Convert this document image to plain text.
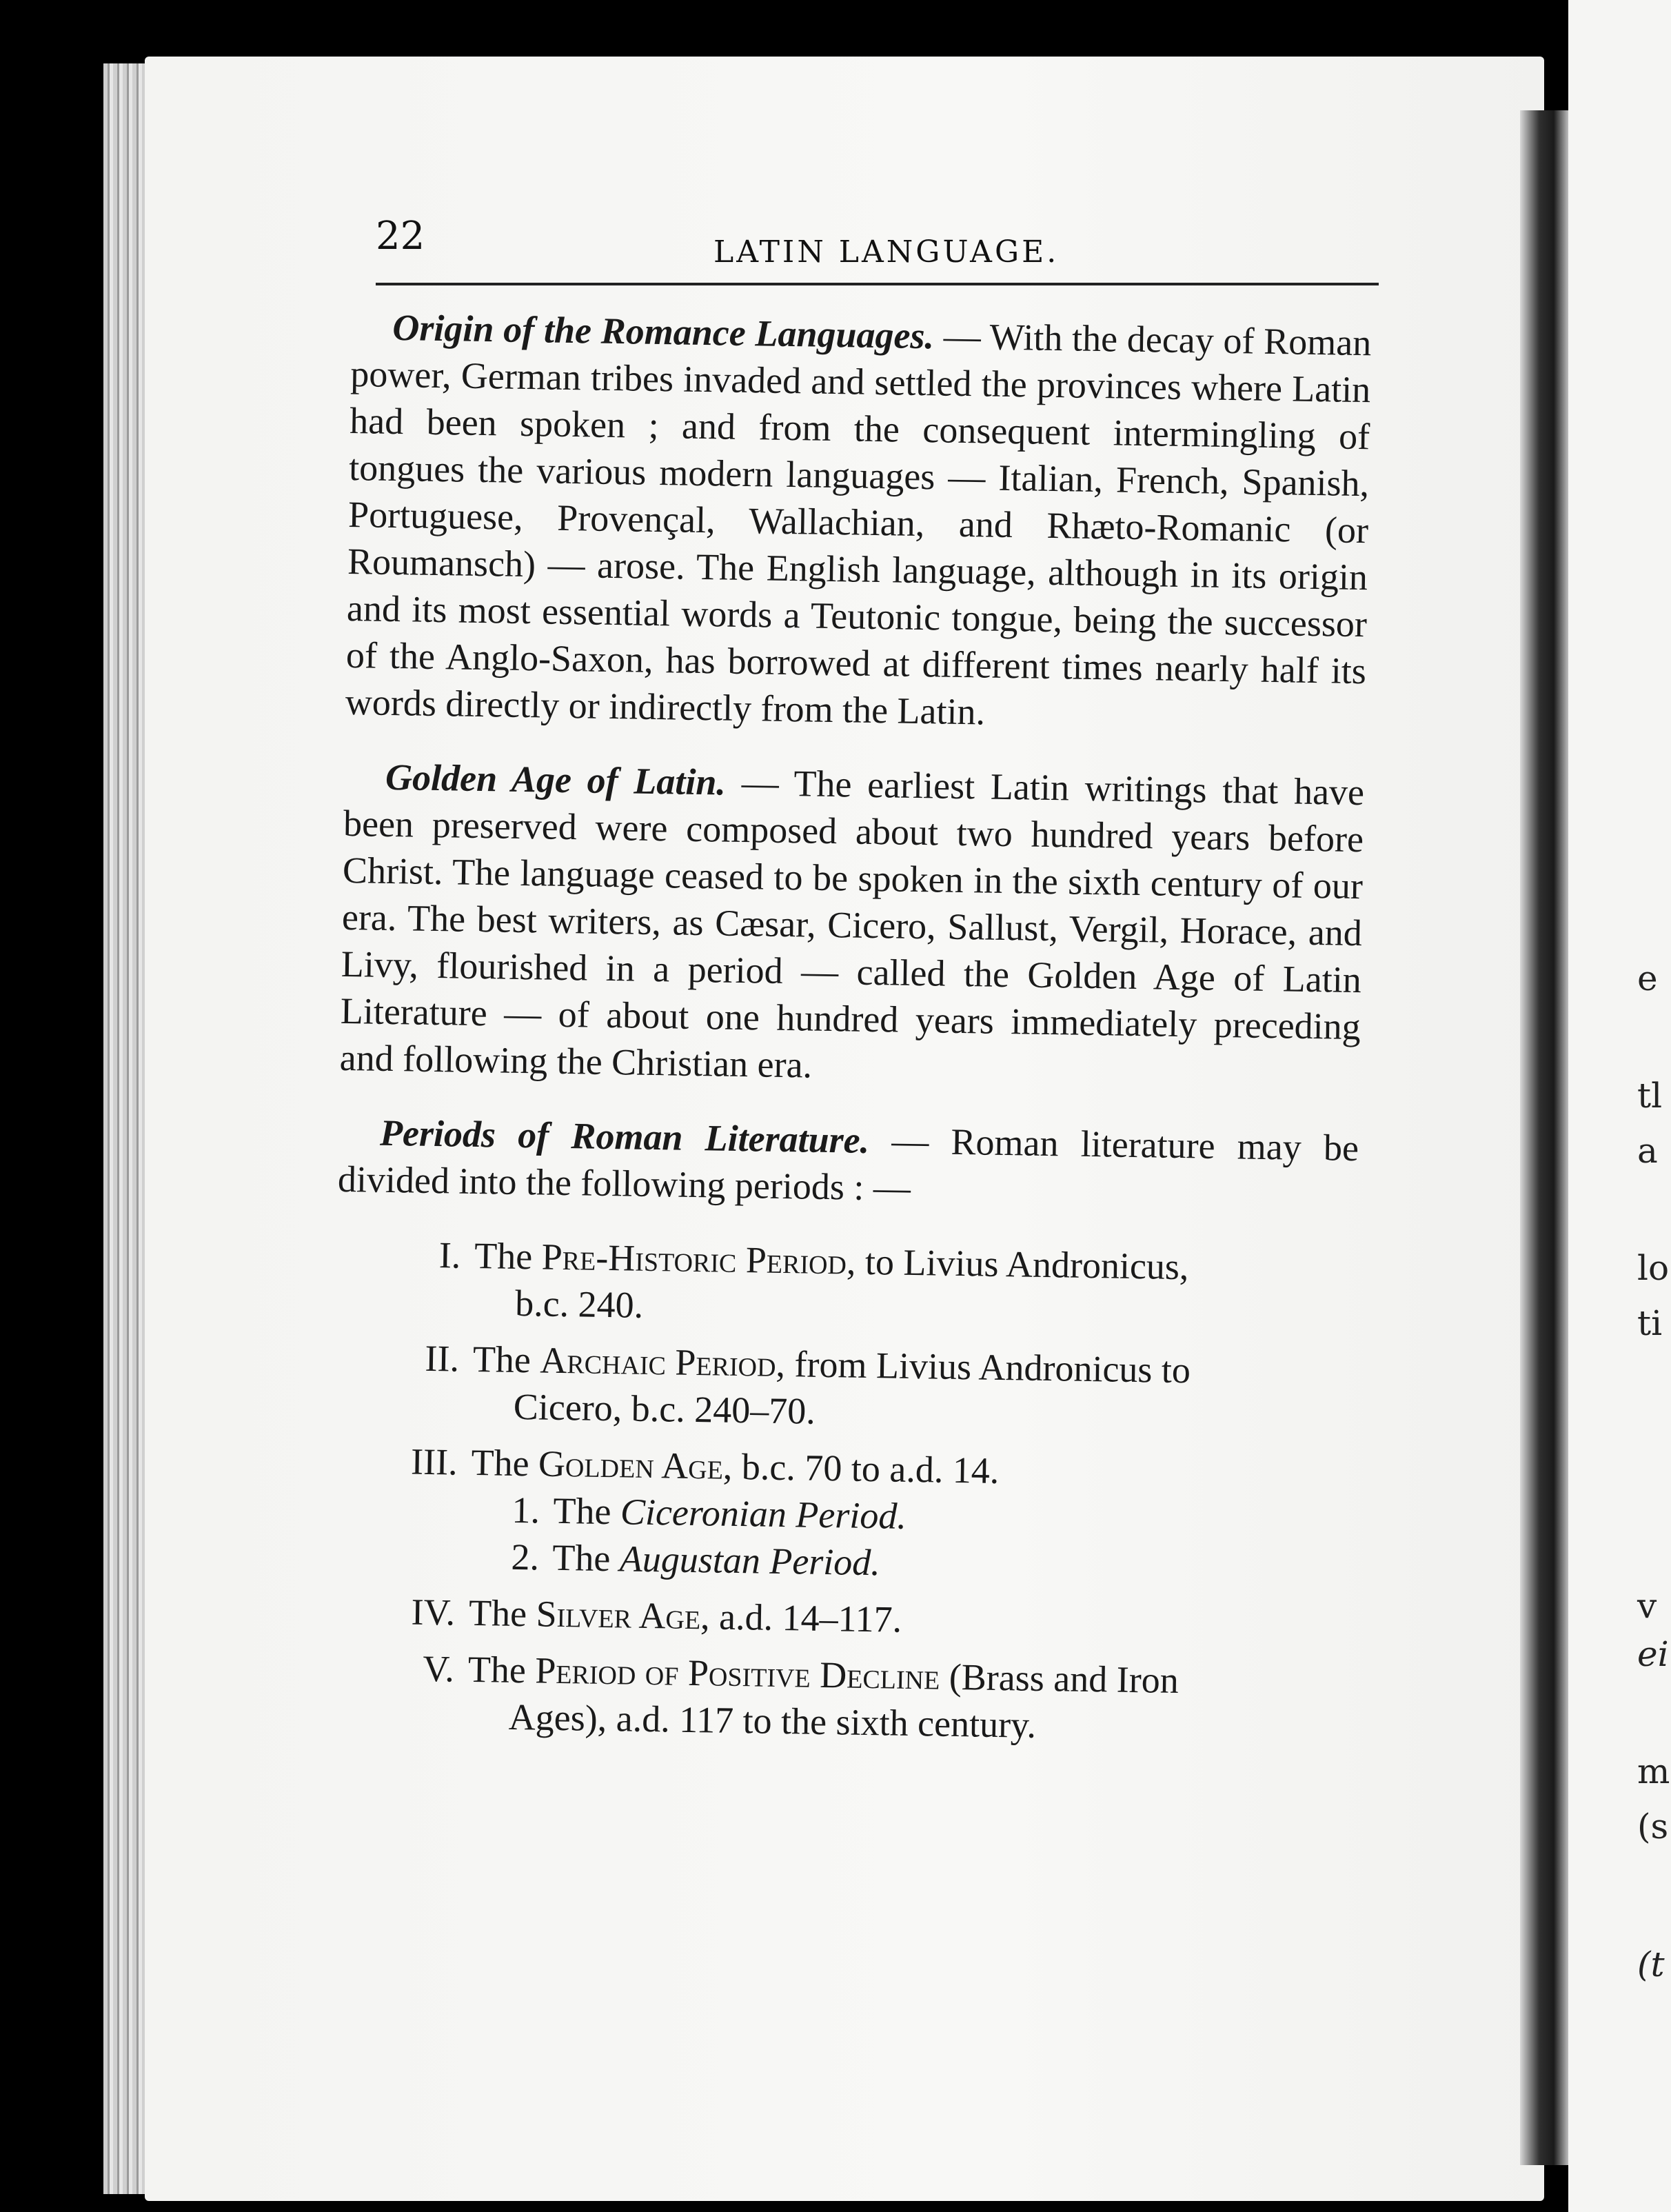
e
tl
a
lo
ti
v
ei
m
(s
(t
22	LATIN LANGUAGE.

Origin of the Romance Languages. — With the decay of Roman power, German tribes invaded and settled the provinces where Latin had been spoken ; and from the consequent intermingling of tongues the various modern languages — Italian, French, Spanish, Portuguese, Provençal, Wallachian, and Rhæto-Romanic (or Roumansch) — arose. The English language, although in its origin and its most essential words a Teutonic tongue, being the successor of the Anglo-Saxon, has borrowed at different times nearly half its words directly or indirectly from the Latin.

Golden Age of Latin. — The earliest Latin writings that have been preserved were composed about two hundred years before Christ. The language ceased to be spoken in the sixth century of our era. The best writers, as Cæsar, Cicero, Sallust, Vergil, Horace, and Livy, flourished in a period — called the Golden Age of Latin Literature — of about one hundred years immediately preceding and following the Christian era.

Periods of Roman Literature. — Roman literature may be divided into the following periods : —

I. The Pre-Historic Period, to Livius Andronicus,
b.c. 240.
II. The Archaic Period, from Livius Andronicus to
Cicero, b.c. 240–70.
III. The Golden Age, b.c. 70 to a.d. 14.
1. The Ciceronian Period.
2. The Augustan Period.
IV. The Silver Age, a.d. 14–117.
V. The Period of Positive Decline (Brass and Iron
Ages), a.d. 117 to the sixth century.
